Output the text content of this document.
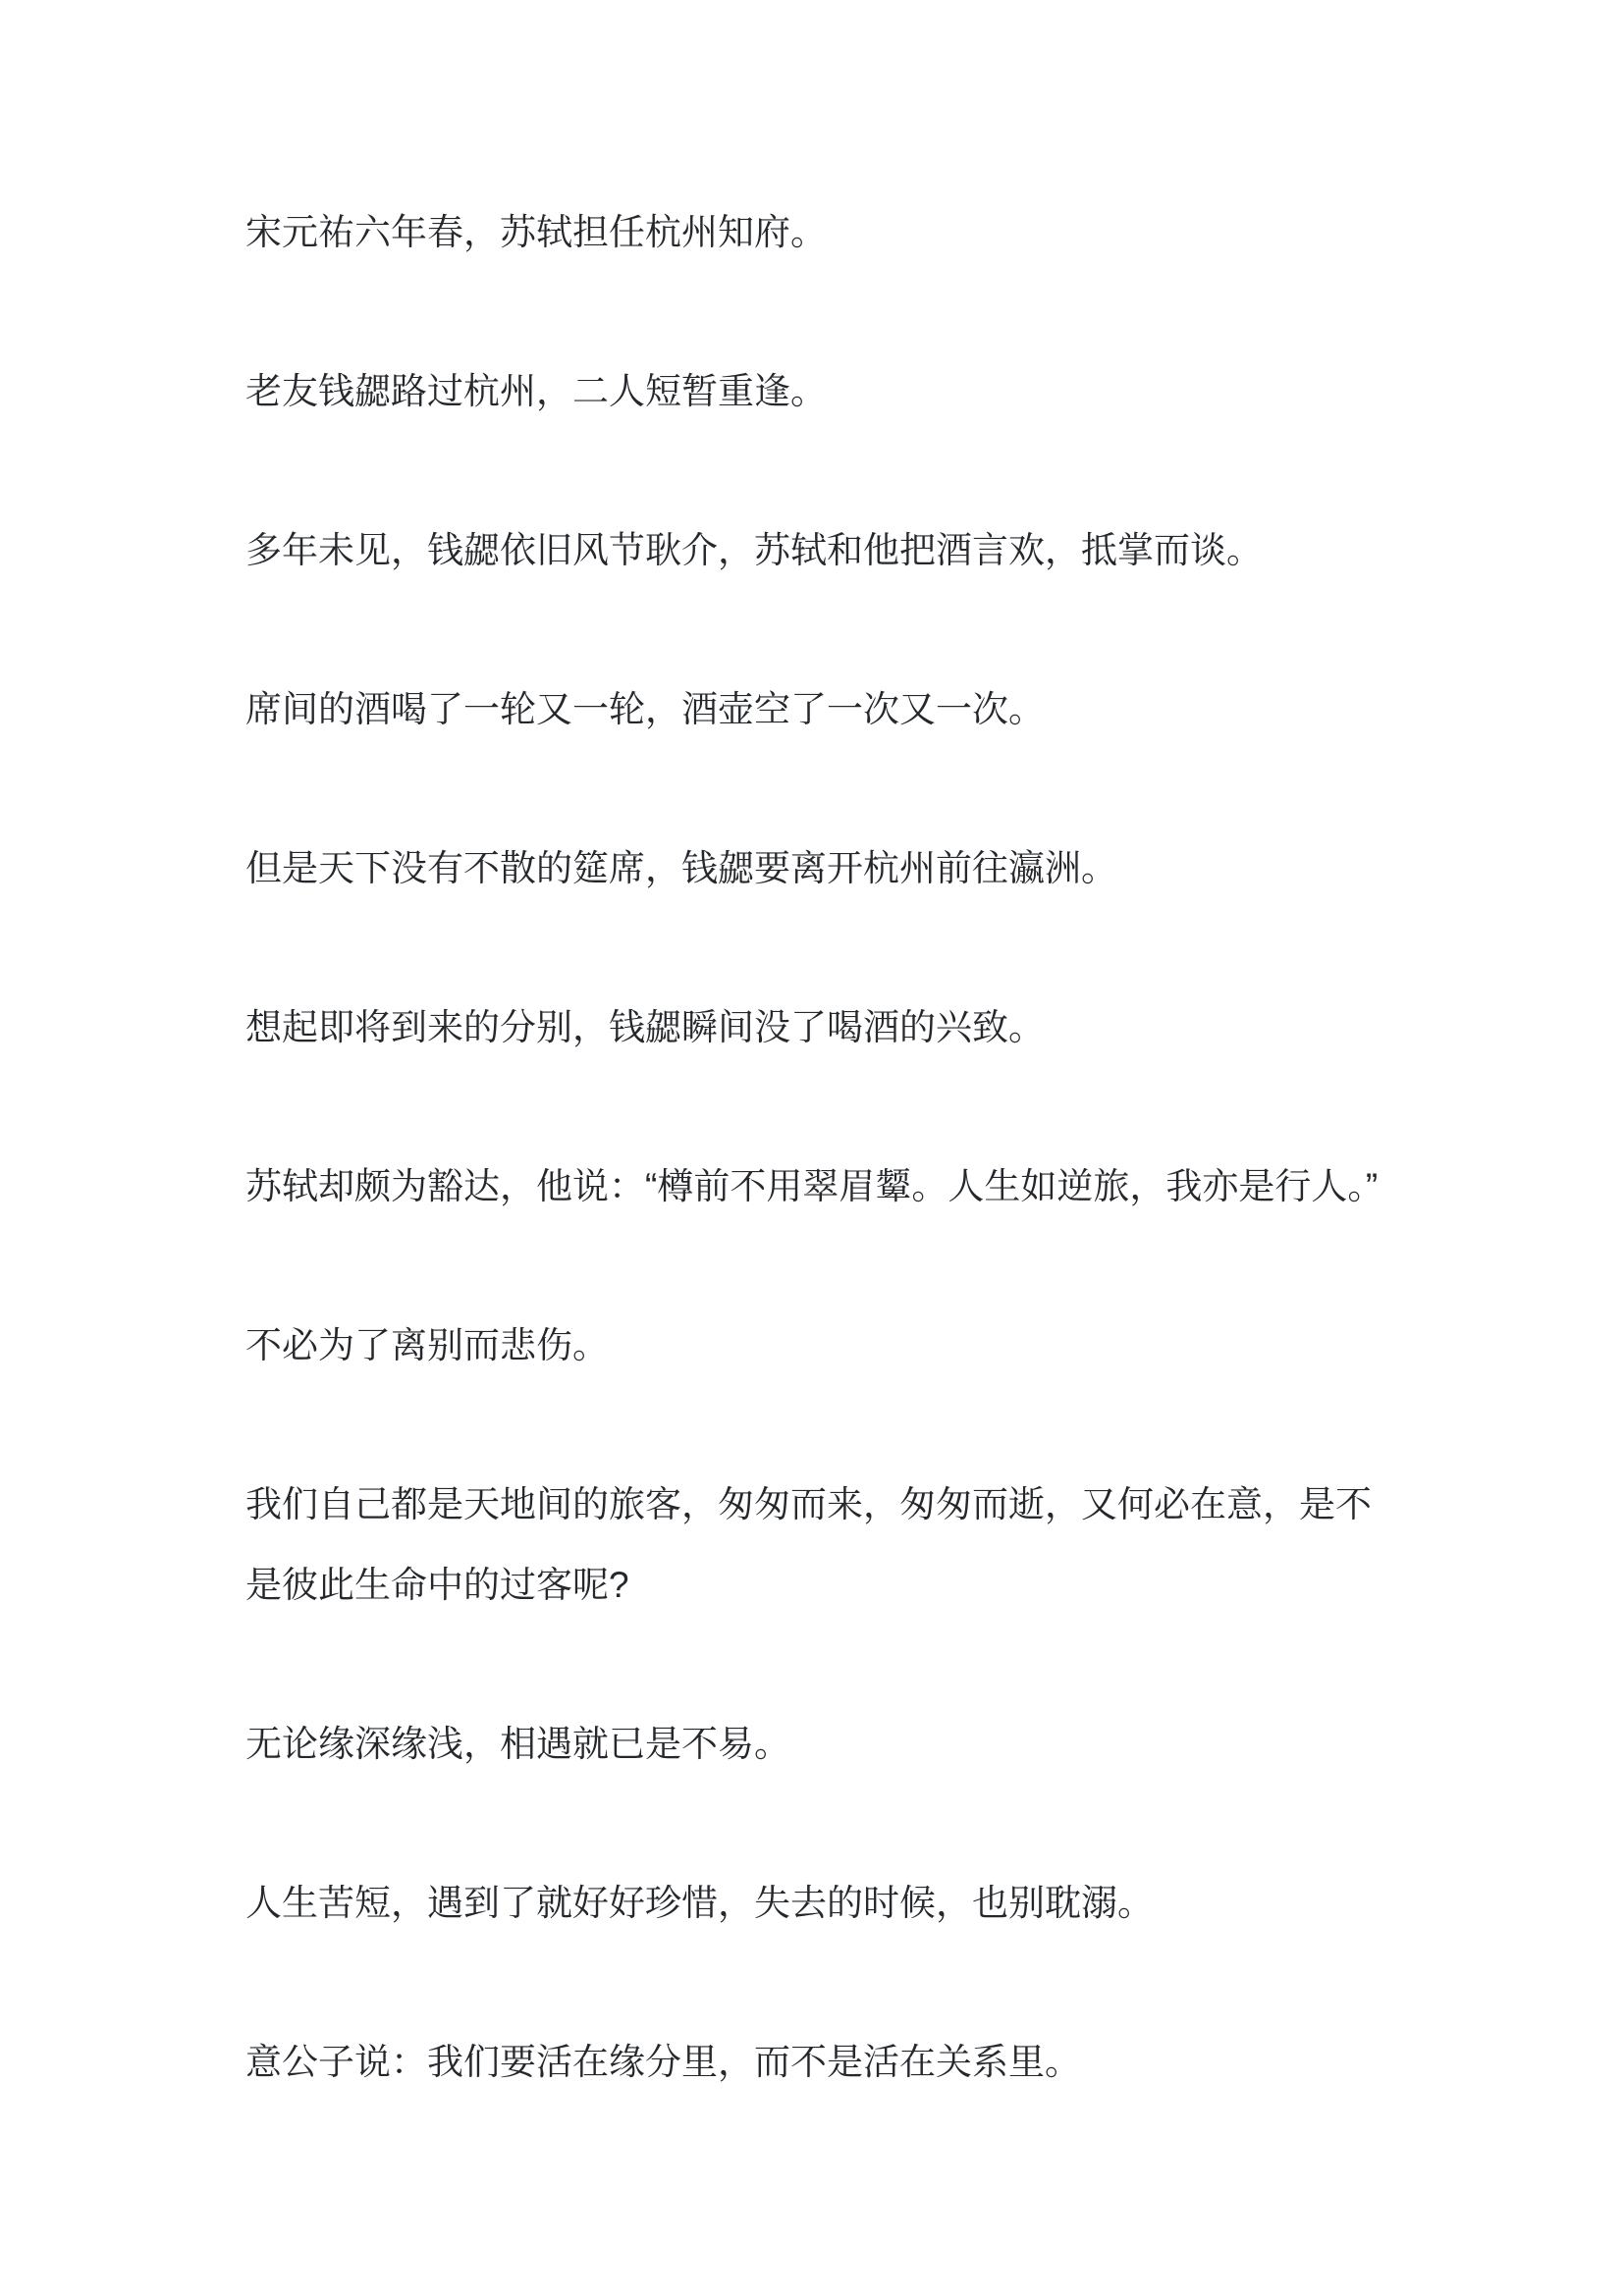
宋元祐六年春，苏轼担任杭州知府。

老友钱勰路过杭州，二人短暂重逢。

多年未见，钱勰依旧风节耿介，苏轼和他把酒言欢，抵掌而谈。

席间的酒喝了一轮又一轮，酒壶空了一次又一次。

但是天下没有不散的筵席，钱勰要离开杭州前往瀛洲。

想起即将到来的分别，钱勰瞬间没了喝酒的兴致。

苏轼却颇为豁达，他说：“樽前不用翠眉颦。人生如逆旅，我亦是行人。”

不必为了离别而悲伤。

我们自己都是天地间的旅客，匆匆而来，匆匆而逝，又何必在意，是不是彼此生命中的过客呢?

无论缘深缘浅，相遇就已是不易。

人生苦短，遇到了就好好珍惜，失去的时候，也别耽溺。

意公子说：我们要活在缘分里，而不是活在关系里。
